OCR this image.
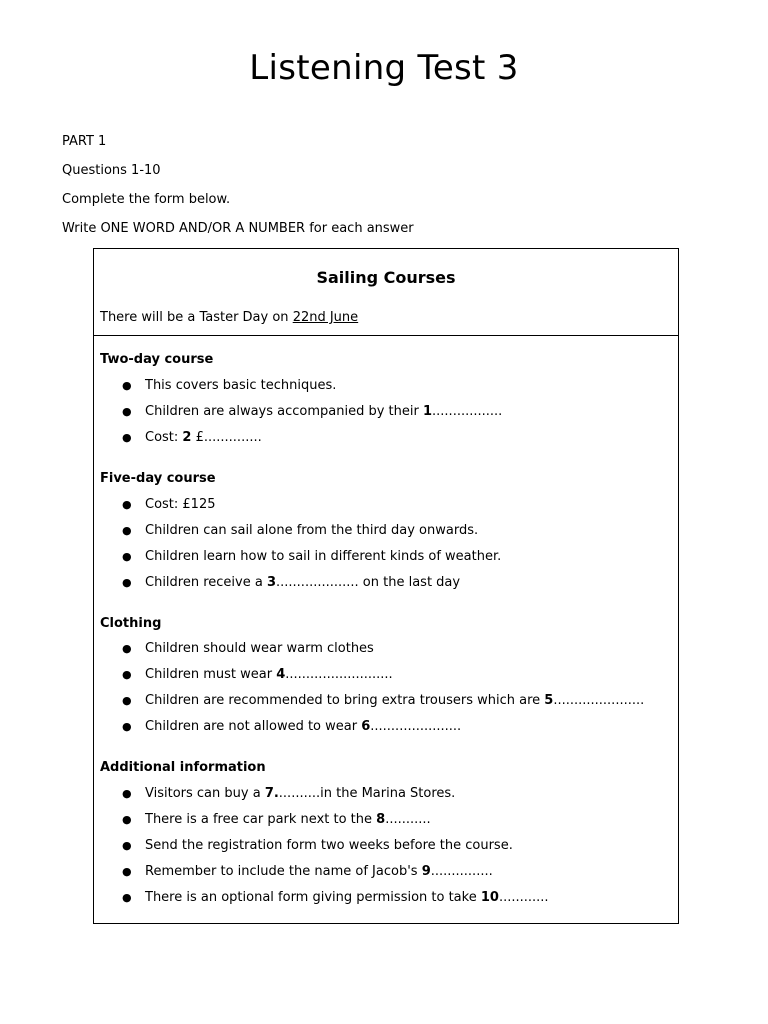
Listening Test 3
PART 1
Questions 1-10
Complete the form below.
Write ONE WORD AND/OR A NUMBER for each answer
Sailing Courses
There will be a Taster Day on 22nd June
Two-day course
● This covers basic techniques.
● Children are always accompanied by their 1.................
● Cost: 2 £..............
Five-day course
● Cost: £125
● Children can sail alone from the third day onwards.
● Children learn how to sail in different kinds of weather.
● Children receive a 3.................... on the last day
Clothing
● Children should wear warm clothes
● Children must wear 4..........................
● Children are recommended to bring extra trousers which are 5......................
● Children are not allowed to wear 6......................
Additional information
● Visitors can buy a 7...........in the Marina Stores.
● There is a free car park next to the 8...........
● Send the registration form two weeks before the course.
● Remember to include the name of Jacob's 9...............
● There is an optional form giving permission to take 10............
